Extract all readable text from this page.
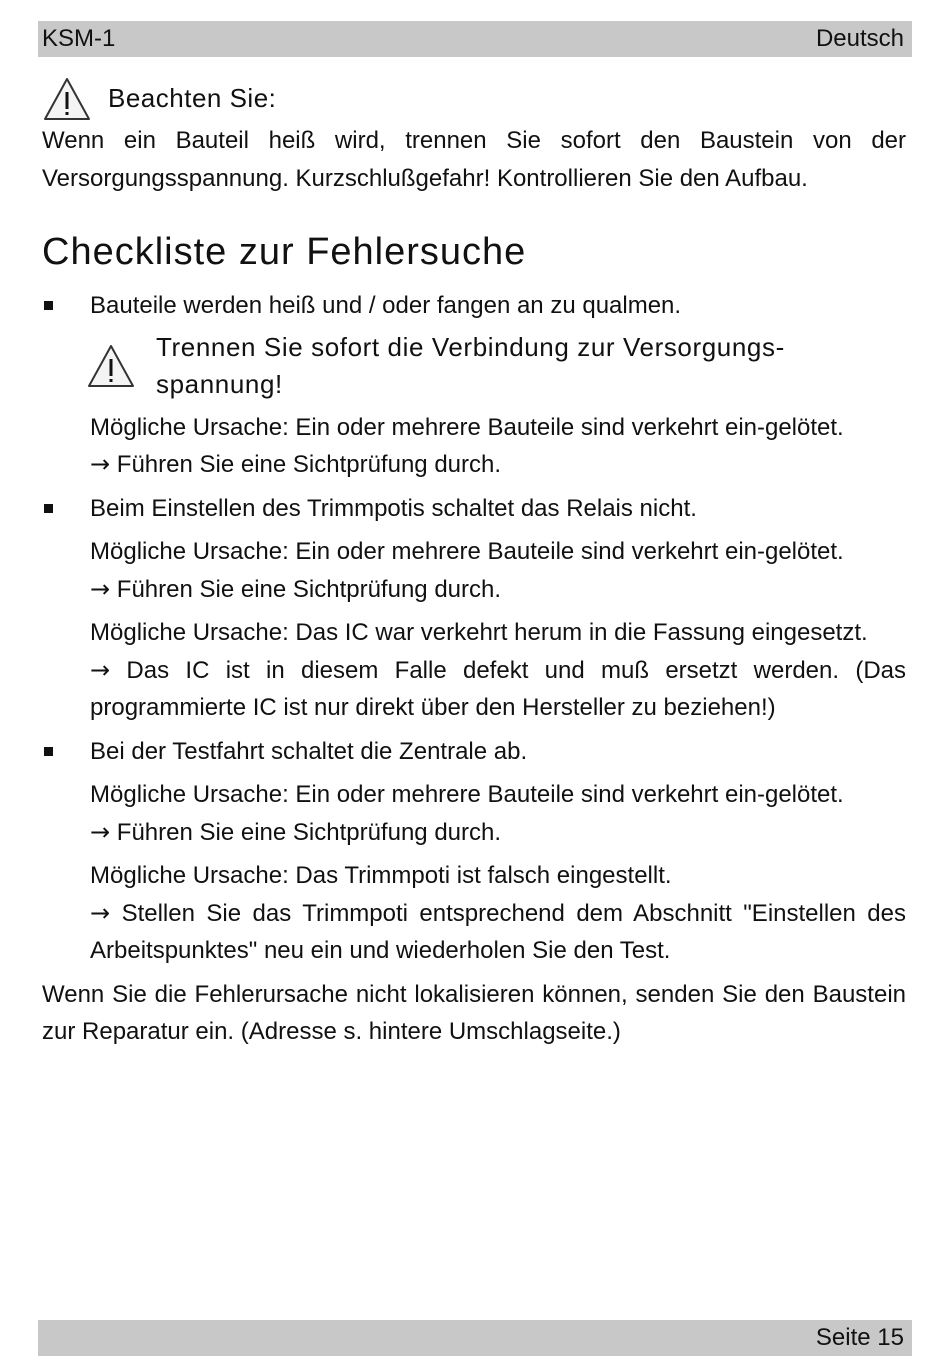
KSM-1	Deutsch
Beachten Sie:

Wenn ein Bauteil heiß wird, trennen Sie sofort den Baustein von der Versorgungsspannung. Kurzschlußgefahr! Kontrollieren Sie den Aufbau.

Checkliste zur Fehlersuche

Bauteile werden heiß und / oder fangen an zu qualmen.

Trennen Sie sofort die Verbindung zur Versorgungs-spannung!

Mögliche Ursache: Ein oder mehrere Bauteile sind verkehrt ein-gelötet.

→ Führen Sie eine Sichtprüfung durch.

Beim Einstellen des Trimmpotis schaltet das Relais nicht.

Mögliche Ursache: Ein oder mehrere Bauteile sind verkehrt ein-gelötet.

→ Führen Sie eine Sichtprüfung durch.

Mögliche Ursache: Das IC war verkehrt herum in die Fassung eingesetzt.

→ Das IC ist in diesem Falle defekt und muß ersetzt werden. (Das programmierte IC ist nur direkt über den Hersteller zu beziehen!)

Bei der Testfahrt schaltet die Zentrale ab.

Mögliche Ursache: Ein oder mehrere Bauteile sind verkehrt ein-gelötet.

→ Führen Sie eine Sichtprüfung durch.

Mögliche Ursache: Das Trimmpoti ist falsch eingestellt.

→ Stellen Sie das Trimmpoti entsprechend dem Abschnitt "Einstellen des Arbeitspunktes" neu ein und wiederholen Sie den Test.

Wenn Sie die Fehlerursache nicht lokalisieren können, senden Sie den Baustein zur Reparatur ein. (Adresse s. hintere Umschlagseite.)

Seite 15
